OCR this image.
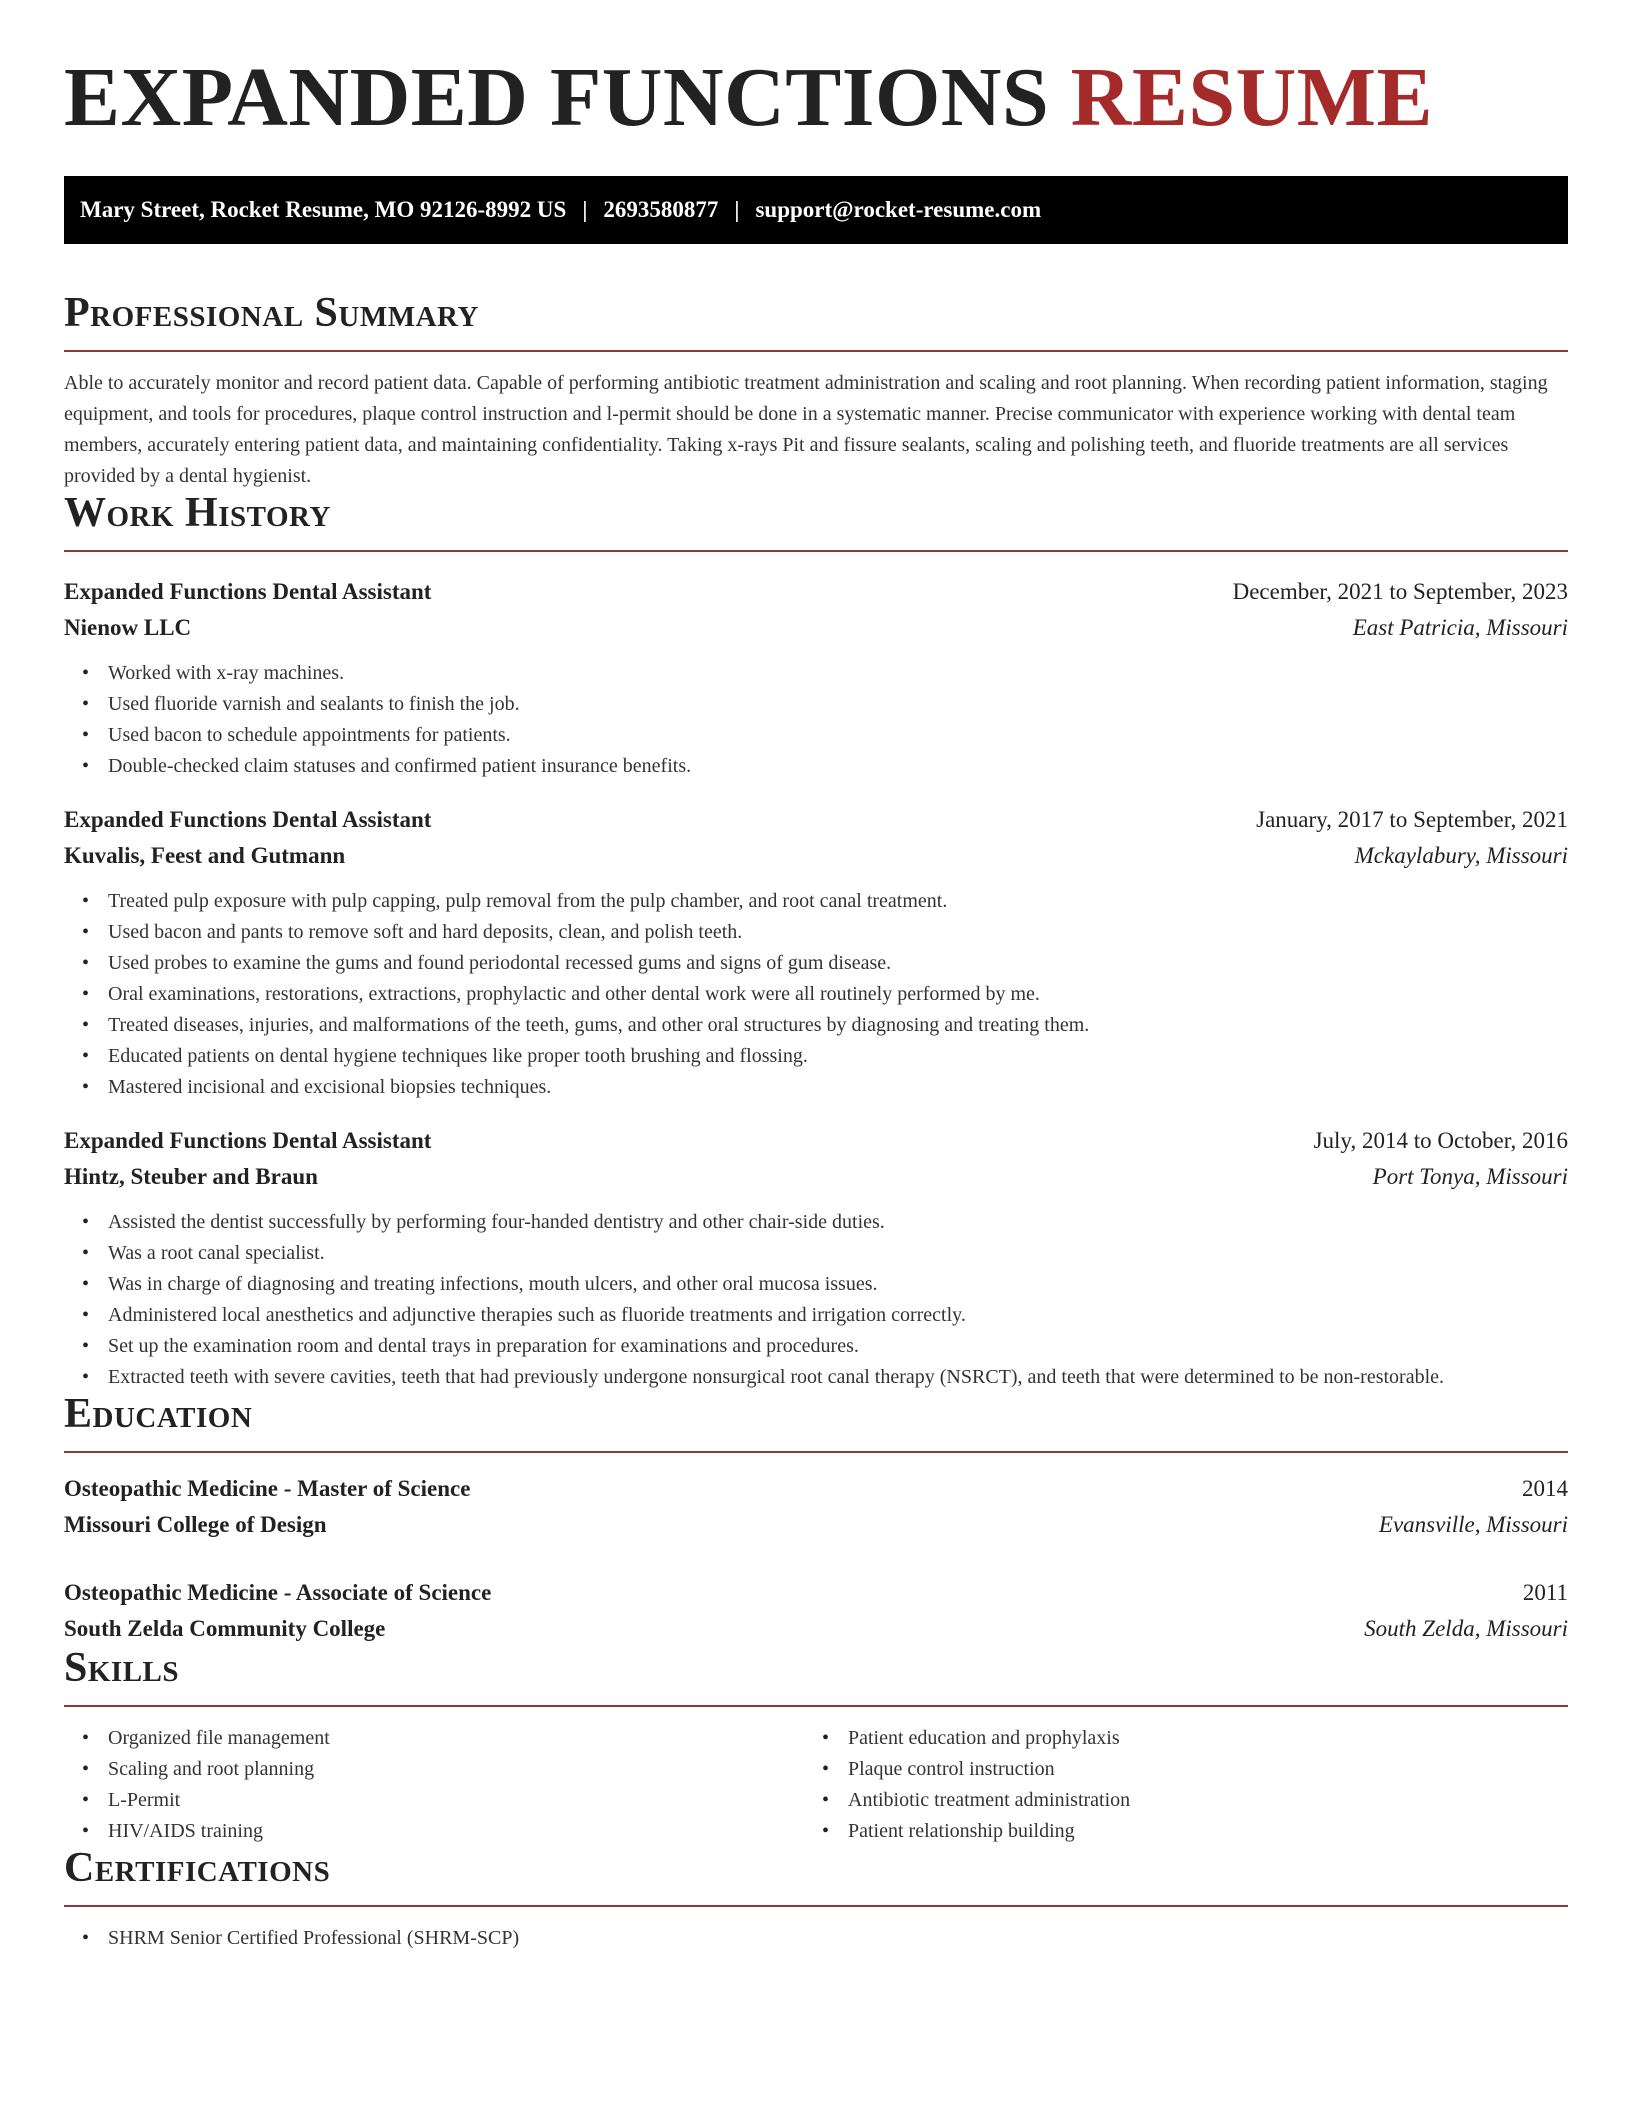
EXPANDED FUNCTIONS RESUME
Mary Street, Rocket Resume, MO 92126-8992 US | 2693580877 | support@rocket-resume.com
Professional Summary
Able to accurately monitor and record patient data. Capable of performing antibiotic treatment administration and scaling and root planning. When recording patient information, staging equipment, and tools for procedures, plaque control instruction and l-permit should be done in a systematic manner. Precise communicator with experience working with dental team members, accurately entering patient data, and maintaining confidentiality. Taking x-rays Pit and fissure sealants, scaling and polishing teeth, and fluoride treatments are all services provided by a dental hygienist.
Work History
Expanded Functions Dental Assistant	December, 2021 to September, 2023
Nienow LLC	East Patricia, Missouri
• Worked with x-ray machines.
• Used fluoride varnish and sealants to finish the job.
• Used bacon to schedule appointments for patients.
• Double-checked claim statuses and confirmed patient insurance benefits.
Expanded Functions Dental Assistant	January, 2017 to September, 2021
Kuvalis, Feest and Gutmann	Mckaylabury, Missouri
• Treated pulp exposure with pulp capping, pulp removal from the pulp chamber, and root canal treatment.
• Used bacon and pants to remove soft and hard deposits, clean, and polish teeth.
• Used probes to examine the gums and found periodontal recessed gums and signs of gum disease.
• Oral examinations, restorations, extractions, prophylactic and other dental work were all routinely performed by me.
• Treated diseases, injuries, and malformations of the teeth, gums, and other oral structures by diagnosing and treating them.
• Educated patients on dental hygiene techniques like proper tooth brushing and flossing.
• Mastered incisional and excisional biopsies techniques.
Expanded Functions Dental Assistant	July, 2014 to October, 2016
Hintz, Steuber and Braun	Port Tonya, Missouri
• Assisted the dentist successfully by performing four-handed dentistry and other chair-side duties.
• Was a root canal specialist.
• Was in charge of diagnosing and treating infections, mouth ulcers, and other oral mucosa issues.
• Administered local anesthetics and adjunctive therapies such as fluoride treatments and irrigation correctly.
• Set up the examination room and dental trays in preparation for examinations and procedures.
• Extracted teeth with severe cavities, teeth that had previously undergone nonsurgical root canal therapy (NSRCT), and teeth that were determined to be non-restorable.
Education
Osteopathic Medicine - Master of Science	2014
Missouri College of Design	Evansville, Missouri
Osteopathic Medicine - Associate of Science	2011
South Zelda Community College	South Zelda, Missouri
Skills
• Organized file management
• Scaling and root planning
• L-Permit
• HIV/AIDS training
• Patient education and prophylaxis
• Plaque control instruction
• Antibiotic treatment administration
• Patient relationship building
Certifications
• SHRM Senior Certified Professional (SHRM-SCP)
